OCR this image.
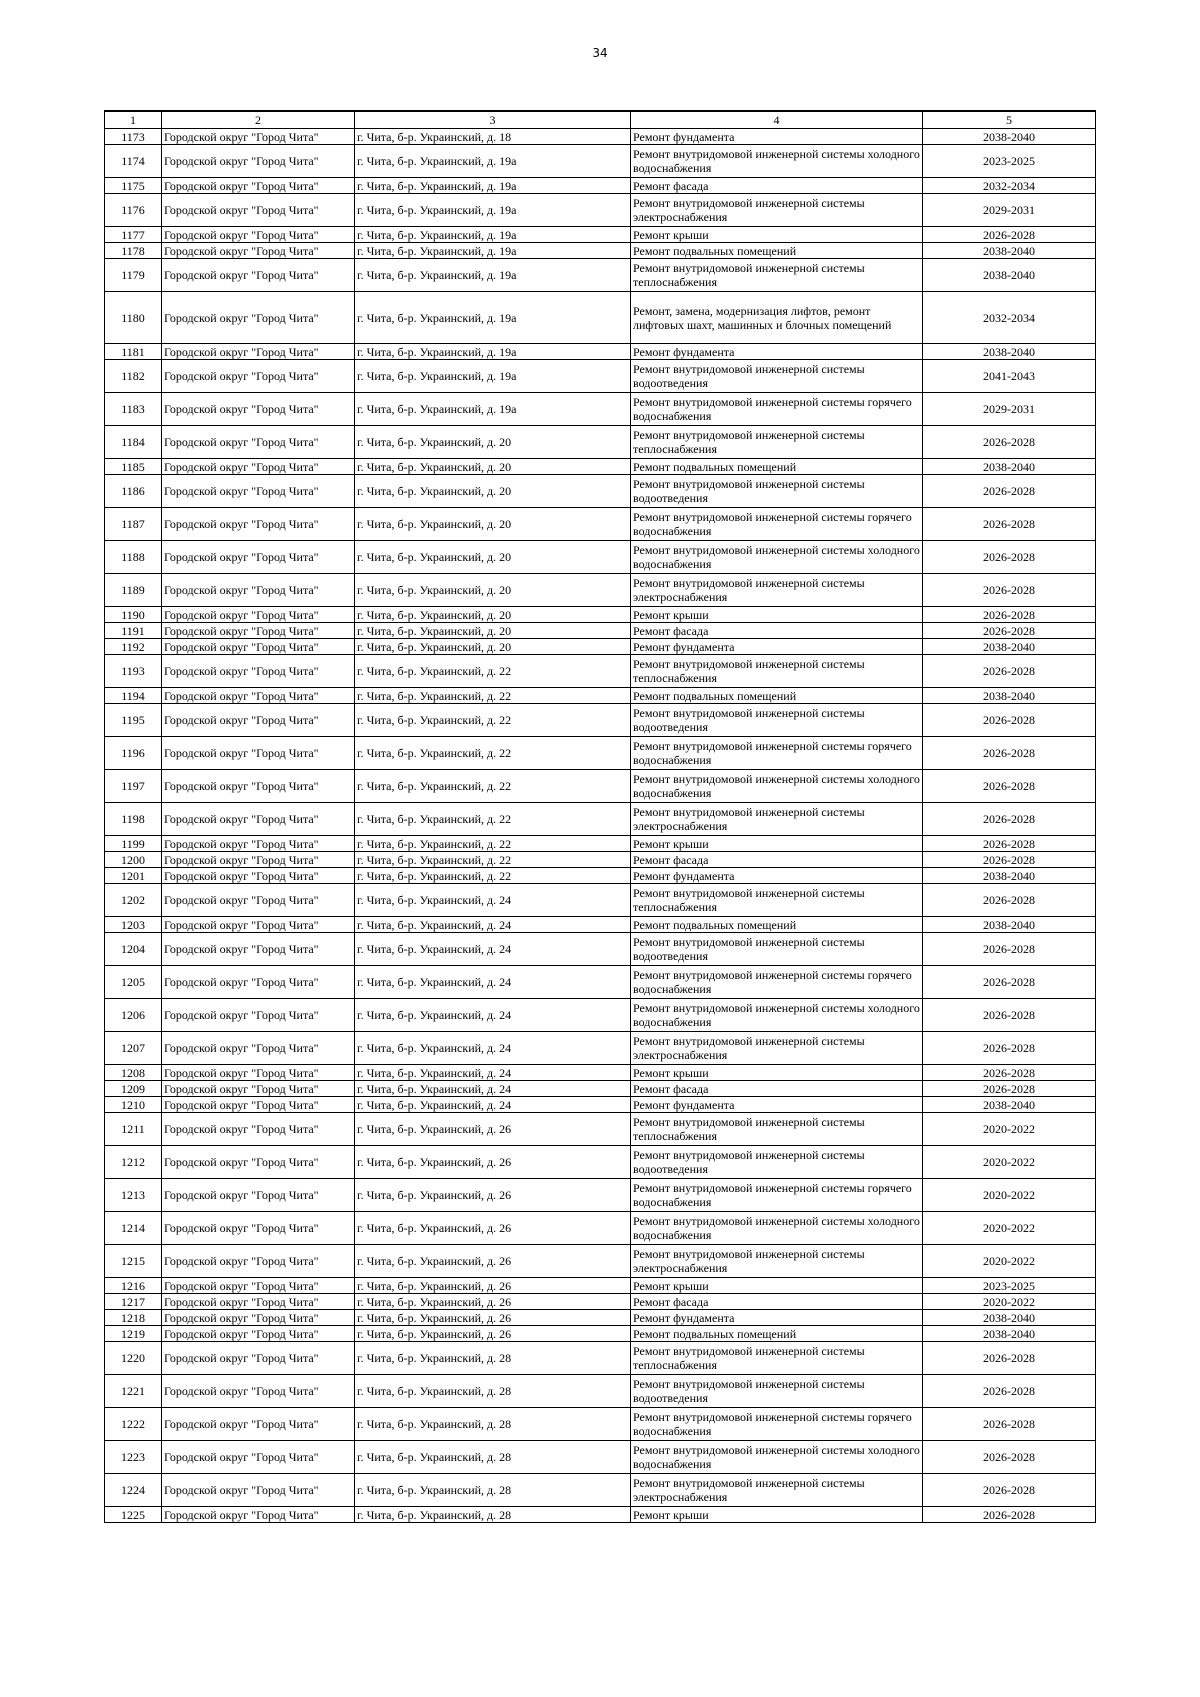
34
1	2	3	4	5
1173	Городской округ "Город Чита"	г. Чита, б-р. Украинский, д. 18	Ремонт фундамента	2038-2040
1174	Городской округ "Город Чита"	г. Чита, б-р. Украинский, д. 19а	Ремонт внутридомовой инженерной системы холодного водоснабжения	2023-2025
1175	Городской округ "Город Чита"	г. Чита, б-р. Украинский, д. 19а	Ремонт фасада	2032-2034
1176	Городской округ "Город Чита"	г. Чита, б-р. Украинский, д. 19а	Ремонт внутридомовой инженерной системы электроснабжения	2029-2031
1177	Городской округ "Город Чита"	г. Чита, б-р. Украинский, д. 19а	Ремонт крыши	2026-2028
1178	Городской округ "Город Чита"	г. Чита, б-р. Украинский, д. 19а	Ремонт подвальных помещений	2038-2040
1179	Городской округ "Город Чита"	г. Чита, б-р. Украинский, д. 19а	Ремонт внутридомовой инженерной системы теплоснабжения	2038-2040
1180	Городской округ "Город Чита"	г. Чита, б-р. Украинский, д. 19а	Ремонт, замена, модернизация лифтов, ремонт лифтовых шахт, машинных и блочных помещений	2032-2034
1181	Городской округ "Город Чита"	г. Чита, б-р. Украинский, д. 19а	Ремонт фундамента	2038-2040
1182	Городской округ "Город Чита"	г. Чита, б-р. Украинский, д. 19а	Ремонт внутридомовой инженерной системы водоотведения	2041-2043
1183	Городской округ "Город Чита"	г. Чита, б-р. Украинский, д. 19а	Ремонт внутридомовой инженерной системы горячего водоснабжения	2029-2031
1184	Городской округ "Город Чита"	г. Чита, б-р. Украинский, д. 20	Ремонт внутридомовой инженерной системы теплоснабжения	2026-2028
1185	Городской округ "Город Чита"	г. Чита, б-р. Украинский, д. 20	Ремонт подвальных помещений	2038-2040
1186	Городской округ "Город Чита"	г. Чита, б-р. Украинский, д. 20	Ремонт внутридомовой инженерной системы водоотведения	2026-2028
1187	Городской округ "Город Чита"	г. Чита, б-р. Украинский, д. 20	Ремонт внутридомовой инженерной системы горячего водоснабжения	2026-2028
1188	Городской округ "Город Чита"	г. Чита, б-р. Украинский, д. 20	Ремонт внутридомовой инженерной системы холодного водоснабжения	2026-2028
1189	Городской округ "Город Чита"	г. Чита, б-р. Украинский, д. 20	Ремонт внутридомовой инженерной системы электроснабжения	2026-2028
1190	Городской округ "Город Чита"	г. Чита, б-р. Украинский, д. 20	Ремонт крыши	2026-2028
1191	Городской округ "Город Чита"	г. Чита, б-р. Украинский, д. 20	Ремонт фасада	2026-2028
1192	Городской округ "Город Чита"	г. Чита, б-р. Украинский, д. 20	Ремонт фундамента	2038-2040
1193	Городской округ "Город Чита"	г. Чита, б-р. Украинский, д. 22	Ремонт внутридомовой инженерной системы теплоснабжения	2026-2028
1194	Городской округ "Город Чита"	г. Чита, б-р. Украинский, д. 22	Ремонт подвальных помещений	2038-2040
1195	Городской округ "Город Чита"	г. Чита, б-р. Украинский, д. 22	Ремонт внутридомовой инженерной системы водоотведения	2026-2028
1196	Городской округ "Город Чита"	г. Чита, б-р. Украинский, д. 22	Ремонт внутридомовой инженерной системы горячего водоснабжения	2026-2028
1197	Городской округ "Город Чита"	г. Чита, б-р. Украинский, д. 22	Ремонт внутридомовой инженерной системы холодного водоснабжения	2026-2028
1198	Городской округ "Город Чита"	г. Чита, б-р. Украинский, д. 22	Ремонт внутридомовой инженерной системы электроснабжения	2026-2028
1199	Городской округ "Город Чита"	г. Чита, б-р. Украинский, д. 22	Ремонт крыши	2026-2028
1200	Городской округ "Город Чита"	г. Чита, б-р. Украинский, д. 22	Ремонт фасада	2026-2028
1201	Городской округ "Город Чита"	г. Чита, б-р. Украинский, д. 22	Ремонт фундамента	2038-2040
1202	Городской округ "Город Чита"	г. Чита, б-р. Украинский, д. 24	Ремонт внутридомовой инженерной системы теплоснабжения	2026-2028
1203	Городской округ "Город Чита"	г. Чита, б-р. Украинский, д. 24	Ремонт подвальных помещений	2038-2040
1204	Городской округ "Город Чита"	г. Чита, б-р. Украинский, д. 24	Ремонт внутридомовой инженерной системы водоотведения	2026-2028
1205	Городской округ "Город Чита"	г. Чита, б-р. Украинский, д. 24	Ремонт внутридомовой инженерной системы горячего водоснабжения	2026-2028
1206	Городской округ "Город Чита"	г. Чита, б-р. Украинский, д. 24	Ремонт внутридомовой инженерной системы холодного водоснабжения	2026-2028
1207	Городской округ "Город Чита"	г. Чита, б-р. Украинский, д. 24	Ремонт внутридомовой инженерной системы электроснабжения	2026-2028
1208	Городской округ "Город Чита"	г. Чита, б-р. Украинский, д. 24	Ремонт крыши	2026-2028
1209	Городской округ "Город Чита"	г. Чита, б-р. Украинский, д. 24	Ремонт фасада	2026-2028
1210	Городской округ "Город Чита"	г. Чита, б-р. Украинский, д. 24	Ремонт фундамента	2038-2040
1211	Городской округ "Город Чита"	г. Чита, б-р. Украинский, д. 26	Ремонт внутридомовой инженерной системы теплоснабжения	2020-2022
1212	Городской округ "Город Чита"	г. Чита, б-р. Украинский, д. 26	Ремонт внутридомовой инженерной системы водоотведения	2020-2022
1213	Городской округ "Город Чита"	г. Чита, б-р. Украинский, д. 26	Ремонт внутридомовой инженерной системы горячего водоснабжения	2020-2022
1214	Городской округ "Город Чита"	г. Чита, б-р. Украинский, д. 26	Ремонт внутридомовой инженерной системы холодного водоснабжения	2020-2022
1215	Городской округ "Город Чита"	г. Чита, б-р. Украинский, д. 26	Ремонт внутридомовой инженерной системы электроснабжения	2020-2022
1216	Городской округ "Город Чита"	г. Чита, б-р. Украинский, д. 26	Ремонт крыши	2023-2025
1217	Городской округ "Город Чита"	г. Чита, б-р. Украинский, д. 26	Ремонт фасада	2020-2022
1218	Городской округ "Город Чита"	г. Чита, б-р. Украинский, д. 26	Ремонт фундамента	2038-2040
1219	Городской округ "Город Чита"	г. Чита, б-р. Украинский, д. 26	Ремонт подвальных помещений	2038-2040
1220	Городской округ "Город Чита"	г. Чита, б-р. Украинский, д. 28	Ремонт внутридомовой инженерной системы теплоснабжения	2026-2028
1221	Городской округ "Город Чита"	г. Чита, б-р. Украинский, д. 28	Ремонт внутридомовой инженерной системы водоотведения	2026-2028
1222	Городской округ "Город Чита"	г. Чита, б-р. Украинский, д. 28	Ремонт внутридомовой инженерной системы горячего водоснабжения	2026-2028
1223	Городской округ "Город Чита"	г. Чита, б-р. Украинский, д. 28	Ремонт внутридомовой инженерной системы холодного водоснабжения	2026-2028
1224	Городской округ "Город Чита"	г. Чита, б-р. Украинский, д. 28	Ремонт внутридомовой инженерной системы электроснабжения	2026-2028
1225	Городской округ "Город Чита"	г. Чита, б-р. Украинский, д. 28	Ремонт крыши	2026-2028
